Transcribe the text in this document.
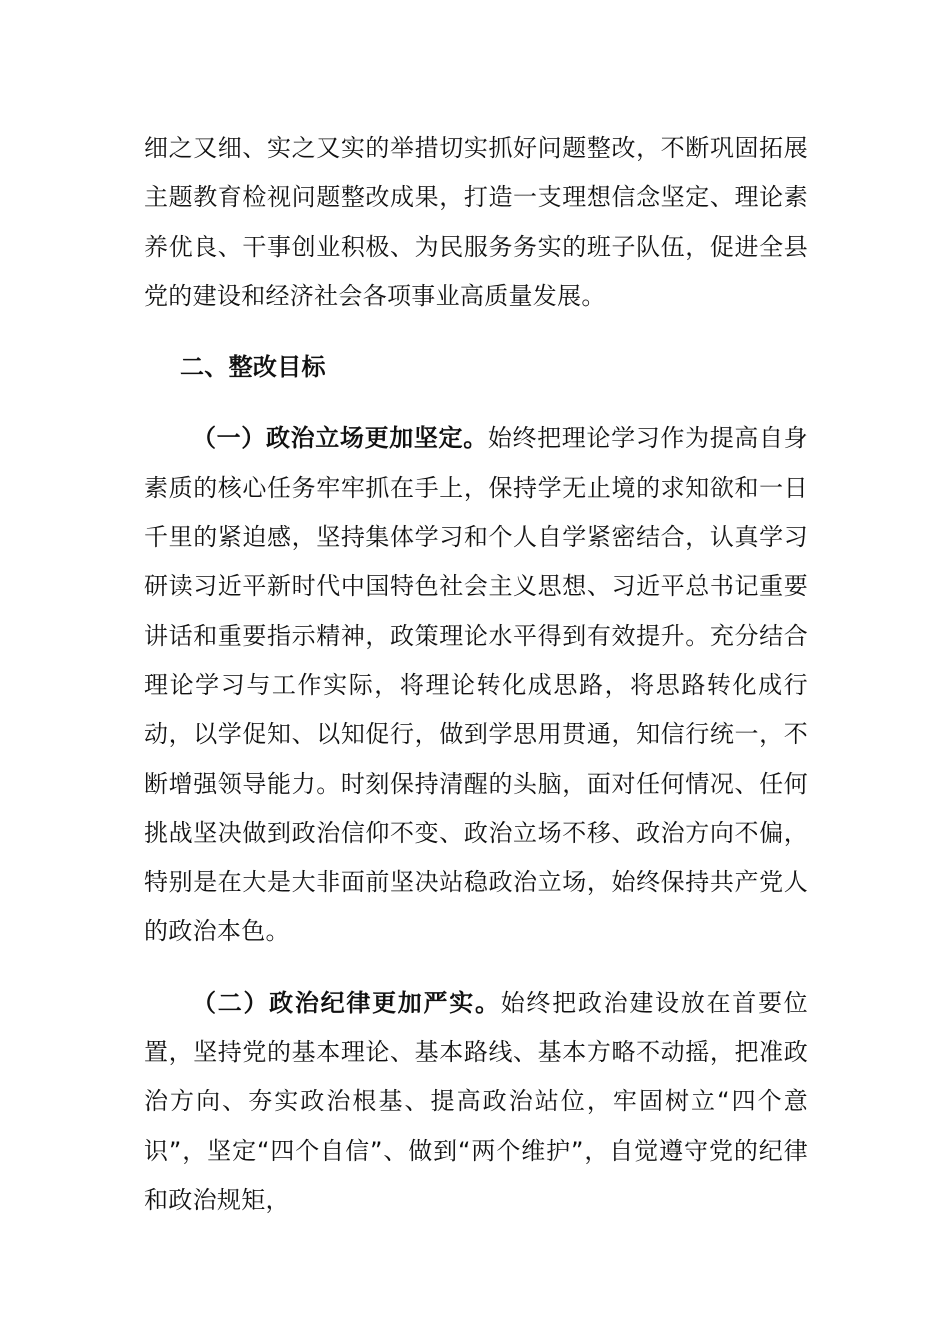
细之又细、实之又实的举措切实抓好问题整改，不断巩固拓展主题教育检视问题整改成果，打造一支理想信念坚定、理论素养优良、干事创业积极、为民服务务实的班子队伍，促进全县党的建设和经济社会各项事业高质量发展。

二、整改目标

（一）政治立场更加坚定。始终把理论学习作为提高自身素质的核心任务牢牢抓在手上，保持学无止境的求知欲和一日千里的紧迫感，坚持集体学习和个人自学紧密结合，认真学习研读习近平新时代中国特色社会主义思想、习近平总书记重要讲话和重要指示精神，政策理论水平得到有效提升。充分结合理论学习与工作实际，将理论转化成思路，将思路转化成行动，以学促知、以知促行，做到学思用贯通，知信行统一，不断增强领导能力。时刻保持清醒的头脑，面对任何情况、任何挑战坚决做到政治信仰不变、政治立场不移、政治方向不偏，特别是在大是大非面前坚决站稳政治立场，始终保持共产党人的政治本色。

（二）政治纪律更加严实。始终把政治建设放在首要位置，坚持党的基本理论、基本路线、基本方略不动摇，把准政治方向、夯实政治根基、提高政治站位，牢固树立“四个意识”，坚定“四个自信”、做到“两个维护”，自觉遵守党的纪律和政治规矩，
